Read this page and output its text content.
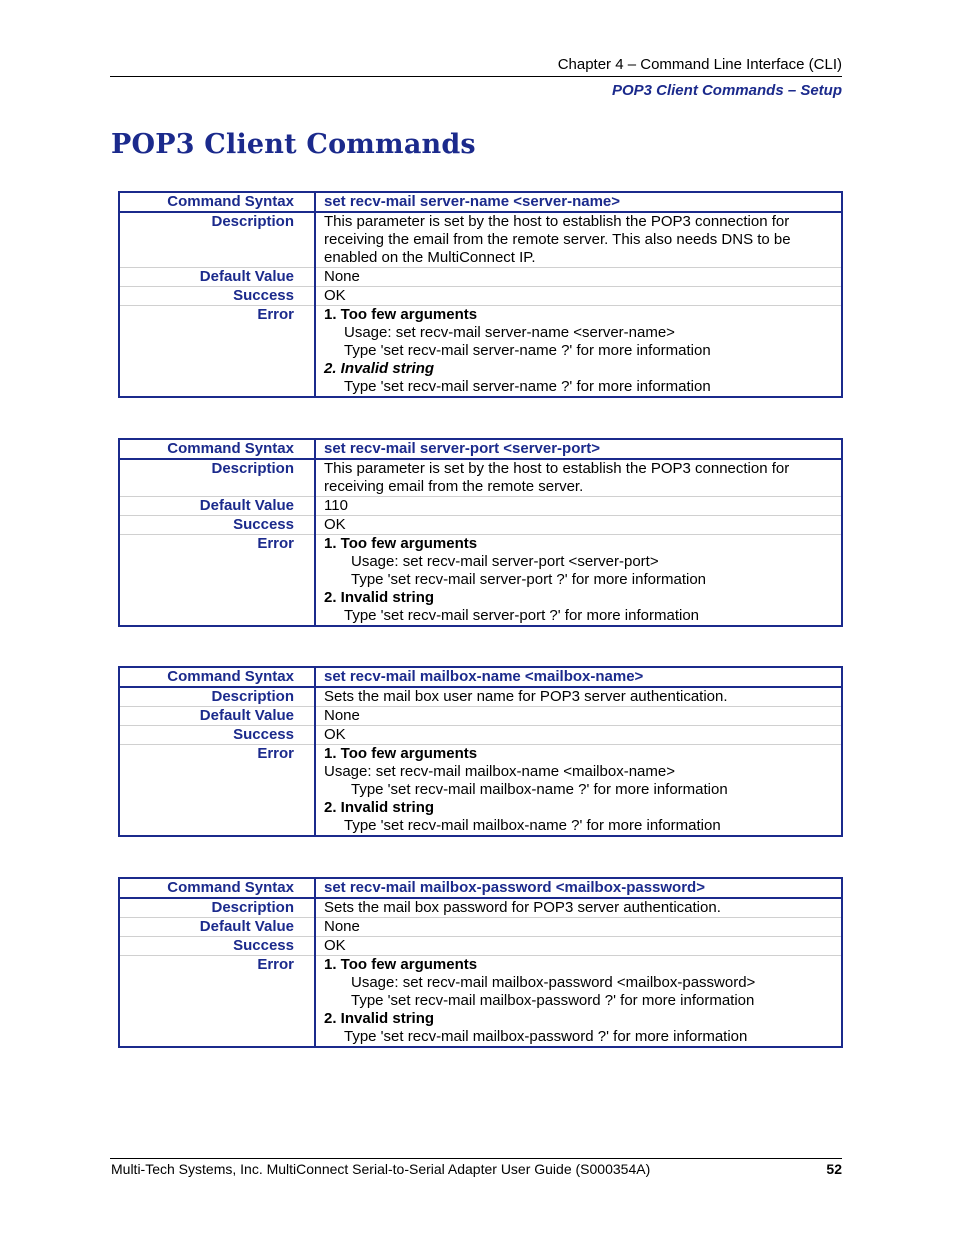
Chapter 4 – Command Line Interface (CLI)
POP3 Client Commands – Setup
POP3 Client Commands
Command Syntax	set recv-mail server-name <server-name>
Description	This parameter is set by the host to establish the POP3 connection for receiving the email from the remote server. This also needs DNS to be enabled on the MultiConnect IP.
Default Value	None
Success	OK
Error	1. Too few arguments
Usage: set recv-mail server-name <server-name>
Type 'set recv-mail server-name ?' for more information
2. Invalid string
Type 'set recv-mail server-name ?' for more information
Command Syntax	set recv-mail server-port <server-port>
Description	This parameter is set by the host to establish the POP3 connection for receiving email from the remote server.
Default Value	110
Success	OK
Error	1. Too few arguments
Usage: set recv-mail server-port <server-port>
Type 'set recv-mail server-port ?' for more information
2. Invalid string
Type 'set recv-mail server-port ?' for more information
Command Syntax	set recv-mail mailbox-name <mailbox-name>
Description	Sets the mail box user name for POP3 server authentication.
Default Value	None
Success	OK
Error	1. Too few arguments
Usage: set recv-mail mailbox-name <mailbox-name>
Type 'set recv-mail mailbox-name ?' for more information
2. Invalid string
Type 'set recv-mail mailbox-name ?' for more information
Command Syntax	set recv-mail mailbox-password <mailbox-password>
Description	Sets the mail box password for POP3 server authentication.
Default Value	None
Success	OK
Error	1. Too few arguments
Usage: set recv-mail mailbox-password <mailbox-password>
Type 'set recv-mail mailbox-password ?' for more information
2. Invalid string
Type 'set recv-mail mailbox-password ?' for more information
Multi-Tech Systems, Inc. MultiConnect Serial-to-Serial Adapter User Guide (S000354A)	52
